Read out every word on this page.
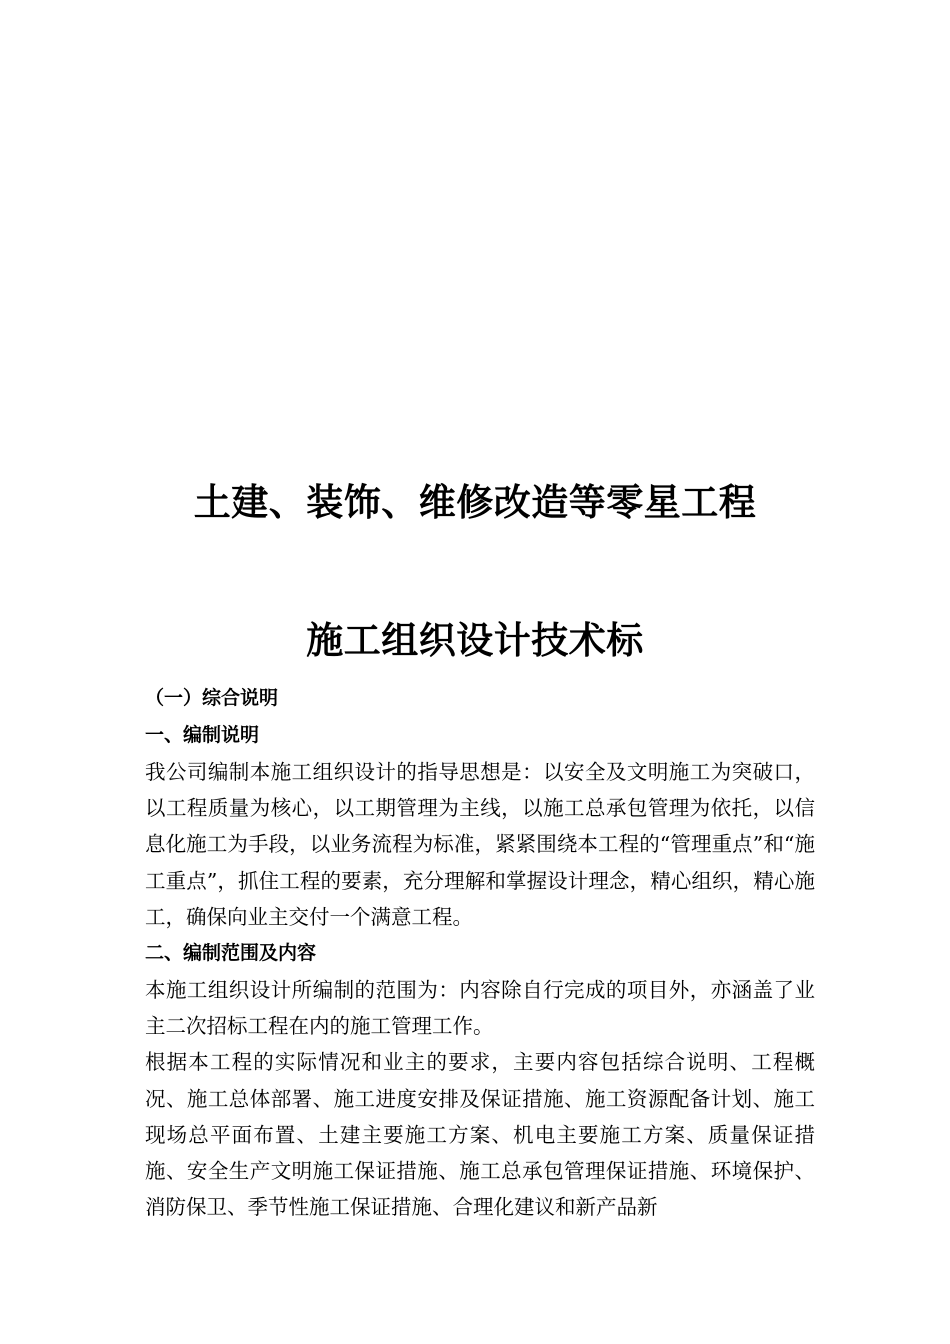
土建、装饰、维修改造等零星工程
施工组织设计技术标

（一）综合说明

一、编制说明

我公司编制本施工组织设计的指导思想是：以安全及文明施工为突破口，以工程质量为核心，以工期管理为主线，以施工总承包管理为依托，以信息化施工为手段，以业务流程为标准，紧紧围绕本工程的“管理重点”和“施工重点”，抓住工程的要素，充分理解和掌握设计理念，精心组织，精心施工，确保向业主交付一个满意工程。

二、编制范围及内容

本施工组织设计所编制的范围为：内容除自行完成的项目外，亦涵盖了业主二次招标工程在内的施工管理工作。

根据本工程的实际情况和业主的要求，主要内容包括综合说明、工程概况、施工总体部署、施工进度安排及保证措施、施工资源配备计划、施工现场总平面布置、土建主要施工方案、机电主要施工方案、质量保证措施、安全生产文明施工保证措施、施工总承包管理保证措施、环境保护、消防保卫、季节性施工保证措施、合理化建议和新产品新
